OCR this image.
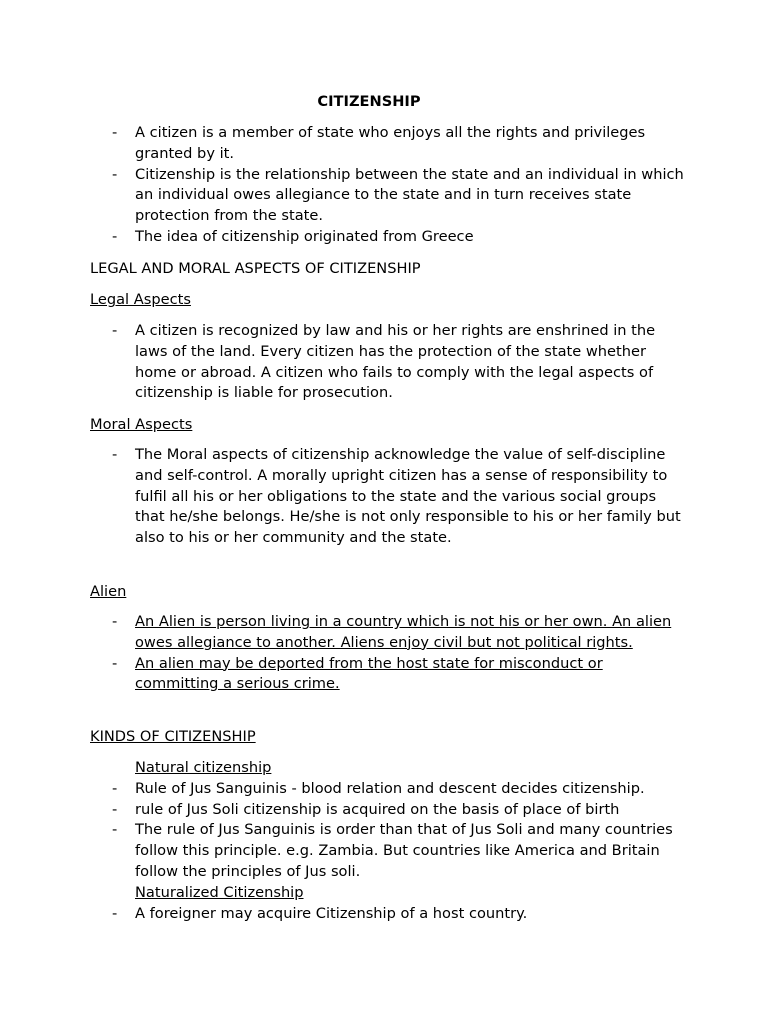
CITIZENSHIP
- A citizen is a member of state who enjoys all the rights and privileges granted by it.
- Citizenship is the relationship between the state and an individual in which an individual owes allegiance to the state and in turn receives state protection from the state.
- The idea of citizenship originated from Greece
LEGAL AND MORAL ASPECTS OF CITIZENSHIP
Legal Aspects
- A citizen is recognized by law and his or her rights are enshrined in the laws of the land. Every citizen has the protection of the state whether home or abroad. A citizen who fails to comply with the legal aspects of citizenship is liable for prosecution.
Moral Aspects
- The Moral aspects of citizenship acknowledge the value of self-discipline and self-control. A morally upright citizen has a sense of responsibility to fulfil all his or her obligations to the state and the various social groups that he/she belongs. He/she is not only responsible to his or her family but also to his or her community and the state.
Alien
- An Alien is person living in a country which is not his or her own. An alien owes allegiance to another. Aliens enjoy civil but not political rights.
- An alien may be deported from the host state for misconduct or committing a serious crime.
KINDS OF CITIZENSHIP
Natural citizenship
- Rule of Jus Sanguinis - blood relation and descent decides citizenship.
- rule of Jus Soli citizenship is acquired on the basis of place of birth
- The rule of Jus Sanguinis is order than that of Jus Soli and many countries follow this principle. e.g. Zambia. But countries like America and Britain follow the principles of Jus soli.
Naturalized Citizenship
- A foreigner may acquire Citizenship of a host country.
